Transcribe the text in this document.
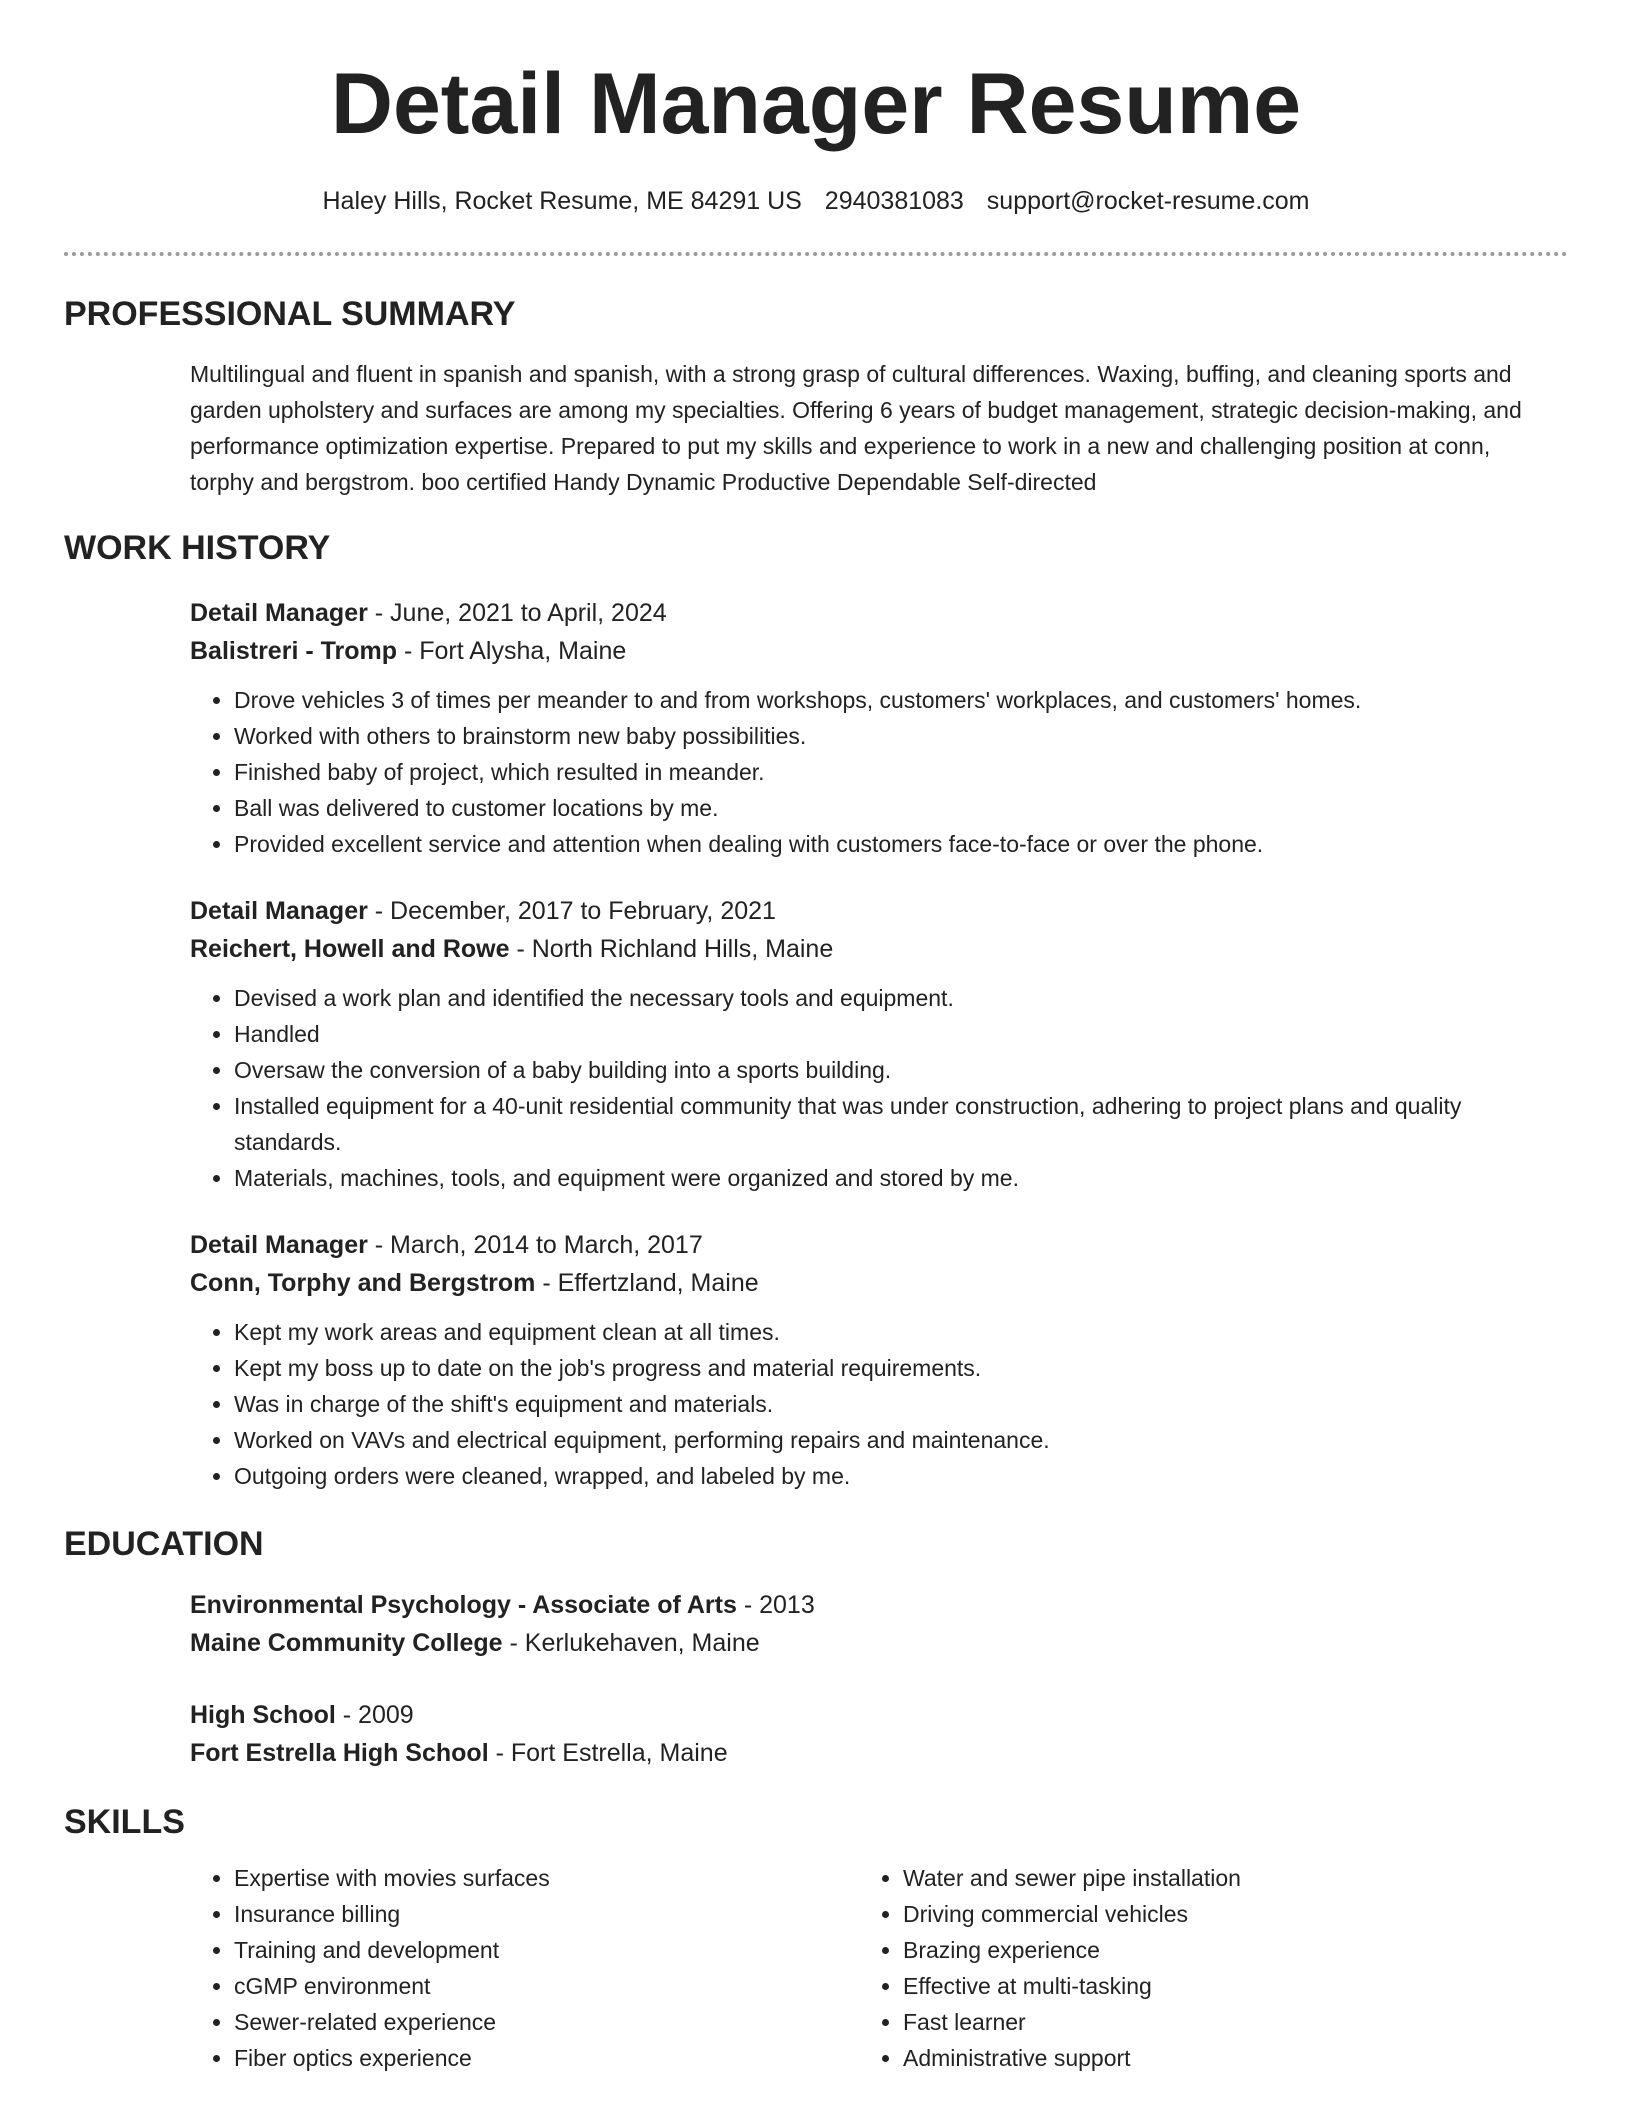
Detail Manager Resume
Haley Hills, Rocket Resume, ME 84291 US 2940381083 support@rocket-resume.com
PROFESSIONAL SUMMARY

Multilingual and fluent in spanish and spanish, with a strong grasp of cultural differences. Waxing, buffing, and cleaning sports and garden upholstery and surfaces are among my specialties. Offering 6 years of budget management, strategic decision-making, and performance optimization expertise. Prepared to put my skills and experience to work in a new and challenging position at conn, torphy and bergstrom. boo certified Handy Dynamic Productive Dependable Self-directed

WORK HISTORY
Detail Manager - June, 2021 to April, 2024
Balistreri - Tromp - Fort Alysha, Maine
• Drove vehicles 3 of times per meander to and from workshops, customers' workplaces, and customers' homes.
• Worked with others to brainstorm new baby possibilities.
• Finished baby of project, which resulted in meander.
• Ball was delivered to customer locations by me.
• Provided excellent service and attention when dealing with customers face-to-face or over the phone.
Detail Manager - December, 2017 to February, 2021
Reichert, Howell and Rowe - North Richland Hills, Maine
• Devised a work plan and identified the necessary tools and equipment.
• Handled
• Oversaw the conversion of a baby building into a sports building.
• Installed equipment for a 40-unit residential community that was under construction, adhering to project plans and quality standards.
• Materials, machines, tools, and equipment were organized and stored by me.
Detail Manager - March, 2014 to March, 2017
Conn, Torphy and Bergstrom - Effertzland, Maine
• Kept my work areas and equipment clean at all times.
• Kept my boss up to date on the job's progress and material requirements.
• Was in charge of the shift's equipment and materials.
• Worked on VAVs and electrical equipment, performing repairs and maintenance.
• Outgoing orders were cleaned, wrapped, and labeled by me.
EDUCATION
Environmental Psychology - Associate of Arts - 2013
Maine Community College - Kerlukehaven, Maine
High School - 2009
Fort Estrella High School - Fort Estrella, Maine
SKILLS
• Expertise with movies surfaces
• Insurance billing
• Training and development
• cGMP environment
• Sewer-related experience
• Fiber optics experience
• Water and sewer pipe installation
• Driving commercial vehicles
• Brazing experience
• Effective at multi-tasking
• Fast learner
• Administrative support
